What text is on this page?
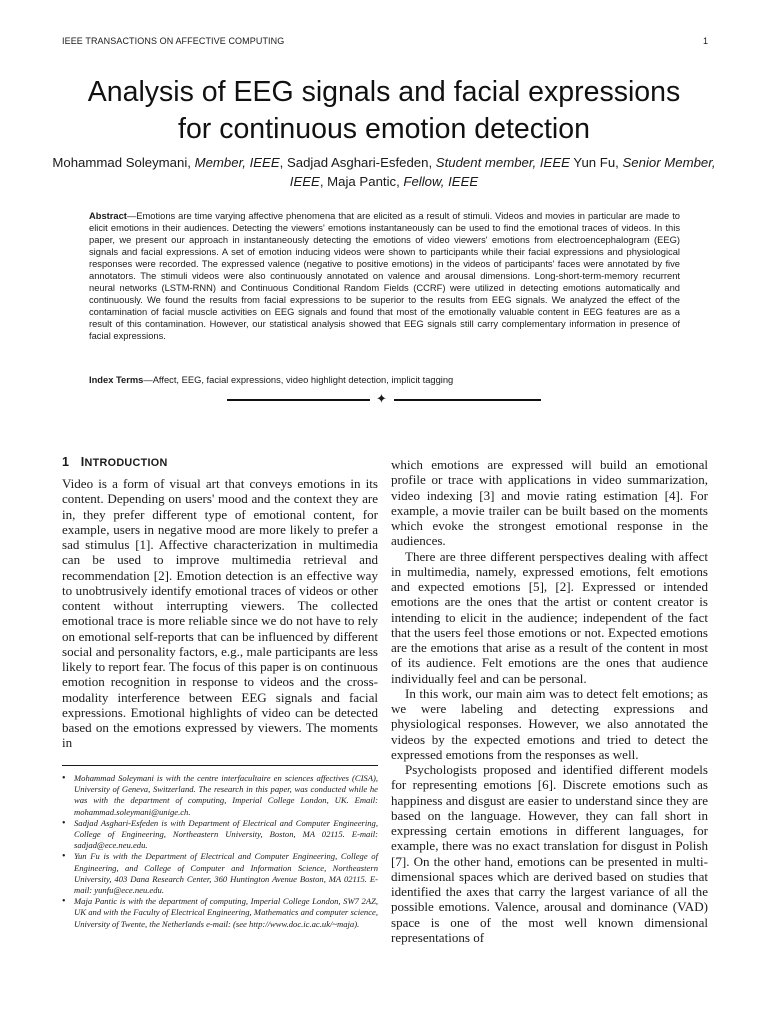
IEEE TRANSACTIONS ON AFFECTIVE COMPUTING	1
Analysis of EEG signals and facial expressions
for continuous emotion detection
Mohammad Soleymani, Member, IEEE, Sadjad Asghari-Esfeden, Student member, IEEE Yun Fu, Senior Member, IEEE, Maja Pantic, Fellow, IEEE
Abstract—Emotions are time varying affective phenomena that are elicited as a result of stimuli. Videos and movies in particular are made to elicit emotions in their audiences. Detecting the viewers' emotions instantaneously can be used to find the emotional traces of videos. In this paper, we present our approach in instantaneously detecting the emotions of video viewers' emotions from electroencephalogram (EEG) signals and facial expressions. A set of emotion inducing videos were shown to participants while their facial expressions and physiological responses were recorded. The expressed valence (negative to positive emotions) in the videos of participants' faces were annotated by five annotators. The stimuli videos were also continuously annotated on valence and arousal dimensions. Long-short-term-memory recurrent neural networks (LSTM-RNN) and Continuous Conditional Random Fields (CCRF) were utilized in detecting emotions automatically and continuously. We found the results from facial expressions to be superior to the results from EEG signals. We analyzed the effect of the contamination of facial muscle activities on EEG signals and found that most of the emotionally valuable content in EEG features are as a result of this contamination. However, our statistical analysis showed that EEG signals still carry complementary information in presence of facial expressions.
Index Terms—Affect, EEG, facial expressions, video highlight detection, implicit tagging
✦
1 INTRODUCTION

Video is a form of visual art that conveys emotions in its content. Depending on users' mood and the context they are in, they prefer different type of emotional content, for example, users in negative mood are more likely to prefer a sad stimulus [1]. Affective characterization in multimedia can be used to improve multimedia retrieval and recommendation [2]. Emotion detection is an effective way to unobtrusively identify emotional traces of videos or other content without interrupting viewers. The collected emotional trace is more reliable since we do not have to rely on emotional self-reports that can be influenced by different social and personality factors, e.g., male participants are less likely to report fear. The focus of this paper is on continuous emotion recognition in response to videos and the cross-modality interference between EEG signals and facial expressions. Emotional highlights of video can be detected based on the emotions expressed by viewers. The moments in

which emotions are expressed will build an emotional profile or trace with applications in video summarization, video indexing [3] and movie rating estimation [4]. For example, a movie trailer can be built based on the moments which evoke the strongest emotional response in the audiences.

There are three different perspectives dealing with affect in multimedia, namely, expressed emotions, felt emotions and expected emotions [5], [2]. Expressed or intended emotions are the ones that the artist or content creator is intending to elicit in the audience; independent of the fact that the users feel those emotions or not. Expected emotions are the emotions that arise as a result of the content in most of its audience. Felt emotions are the ones that audience individually feel and can be personal.

In this work, our main aim was to detect felt emotions; as we were labeling and detecting expressions and physiological responses. However, we also annotated the videos by the expected emotions and tried to detect the expressed emotions from the responses as well.

Psychologists proposed and identified different models for representing emotions [6]. Discrete emotions such as happiness and disgust are easier to understand since they are based on the language. However, they can fall short in expressing certain emotions in different languages, for example, there was no exact translation for disgust in Polish [7]. On the other hand, emotions can be presented in multi-dimensional spaces which are derived based on studies that identified the axes that carry the largest variance of all the possible emotions. Valence, arousal and dominance (VAD) space is one of the most well known dimensional representations of

• Mohammad Soleymani is with the centre interfacultaire en sciences affectives (CISA), University of Geneva, Switzerland. The research in this paper, was conducted while he was with the department of computing, Imperial College London, UK. Email: mohammad.soleymani@unige.ch.
• Sadjad Asghari-Esfeden is with Department of Electrical and Computer Engineering, College of Engineering, Northeastern University, Boston, MA 02115. E-mail: sadjad@ece.neu.edu.
• Yun Fu is with the Department of Electrical and Computer Engineering, College of Engineering, and College of Computer and Information Science, Northeastern University, 403 Dana Research Center, 360 Huntington Avenue Boston, MA 02115. E-mail: yunfu@ece.neu.edu.
• Maja Pantic is with the department of computing, Imperial College London, SW7 2AZ, UK and with the Faculty of Electrical Engineering, Mathematics and computer science, University of Twente, the Netherlands e-mail: (see http://www.doc.ic.ac.uk/~maja).
